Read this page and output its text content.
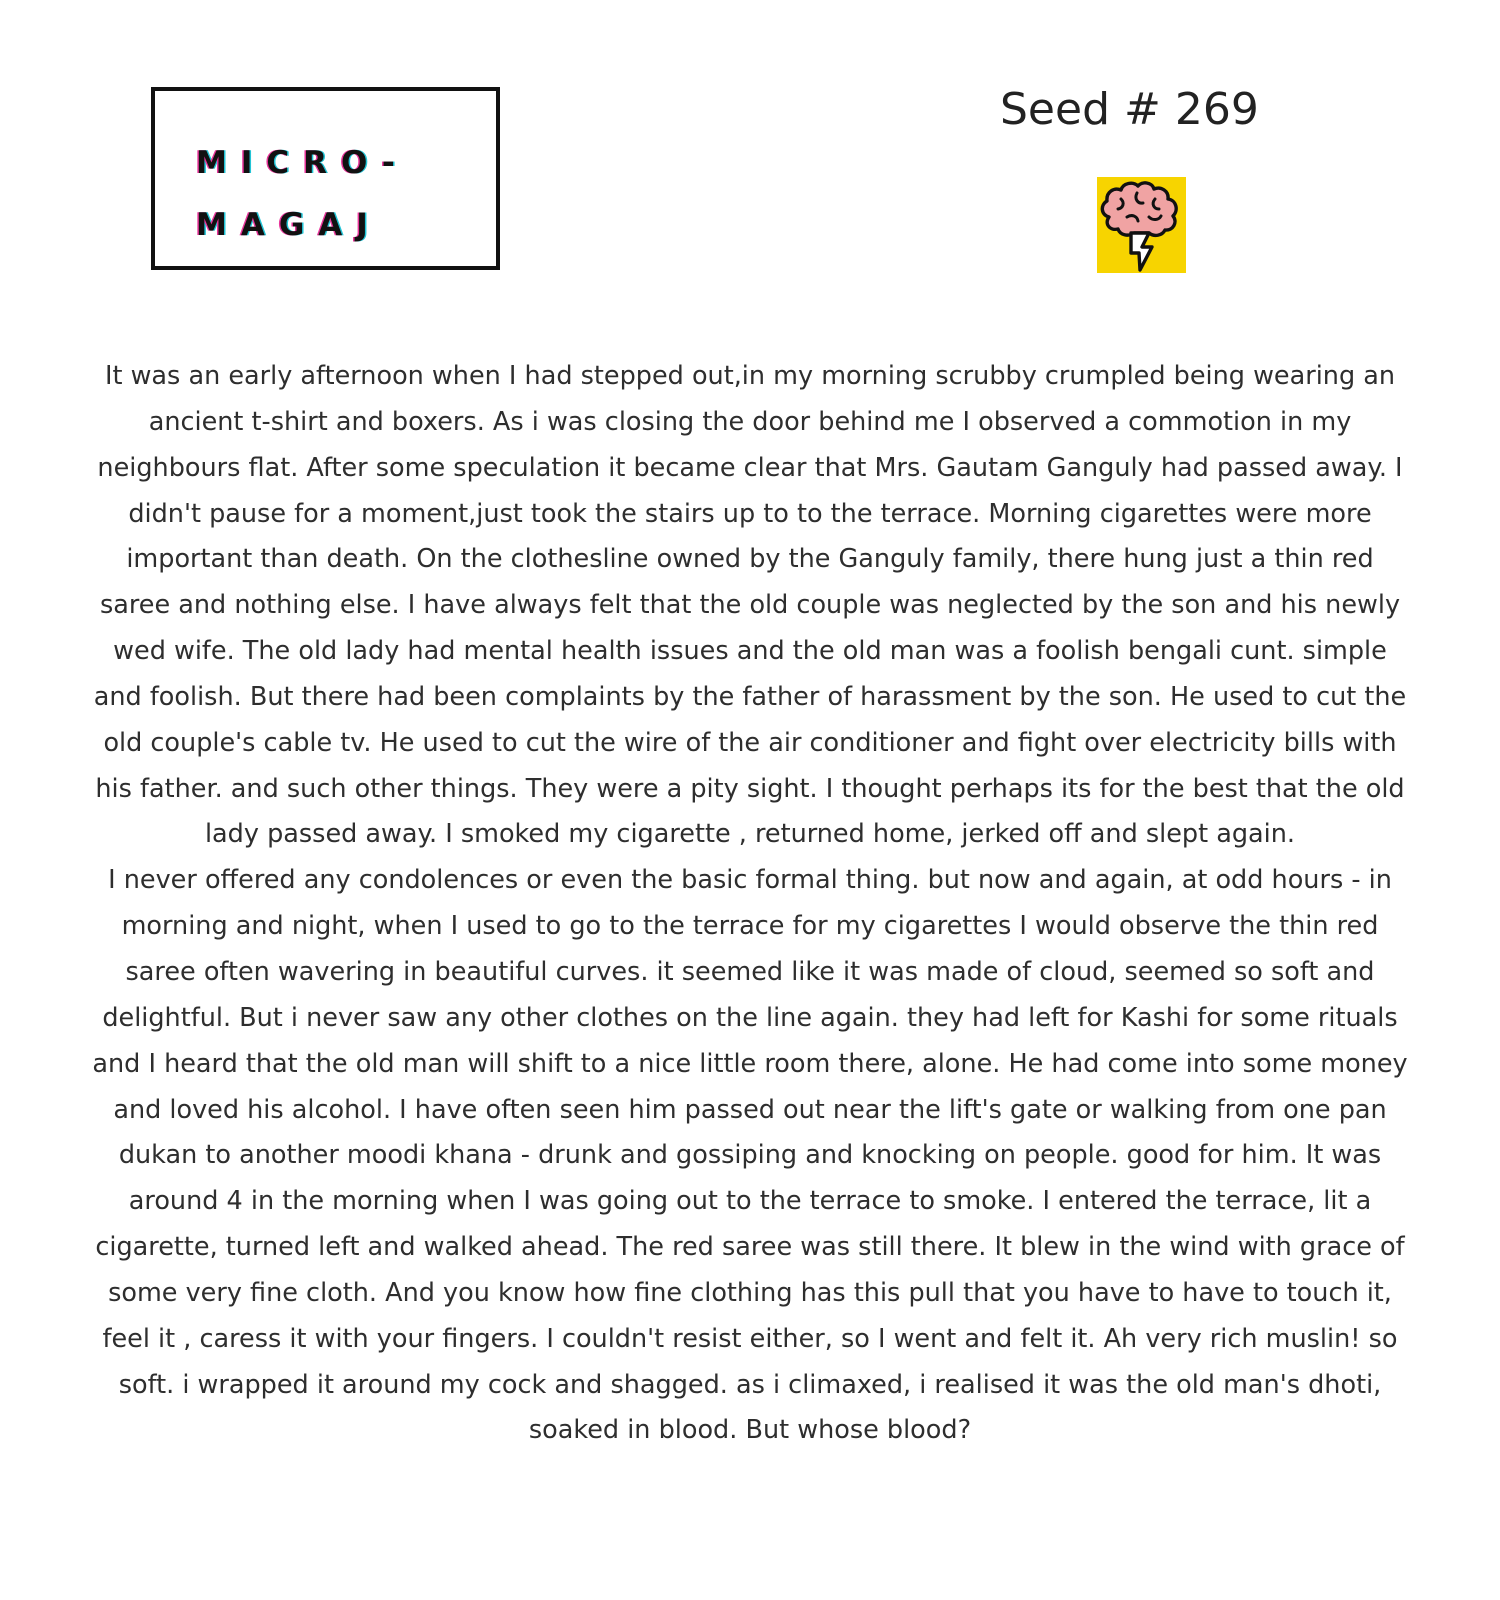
MICRO-
MAGAJ
Seed # 269

It was an early afternoon when I had stepped out,in my morning scrubby crumpled being wearing an ancient t-shirt and boxers. As i was closing the door behind me I observed a commotion in my neighbours flat. After some speculation it became clear that Mrs. Gautam Ganguly had passed away. I didn't pause for a moment,just took the stairs up to to the terrace. Morning cigarettes were more important than death. On the clothesline owned by the Ganguly family, there hung just a thin red saree and nothing else. I have always felt that the old couple was neglected by the son and his newly wed wife. The old lady had mental health issues and the old man was a foolish bengali cunt. simple and foolish. But there had been complaints by the father of harassment by the son. He used to cut the old couple's cable tv. He used to cut the wire of the air conditioner and fight over electricity bills with his father. and such other things. They were a pity sight. I thought perhaps its for the best that the old lady passed away. I smoked my cigarette , returned home, jerked off and slept again.

I never offered any condolences or even the basic formal thing. but now and again, at odd hours - in morning and night, when I used to go to the terrace for my cigarettes I would observe the thin red saree often wavering in beautiful curves. it seemed like it was made of cloud, seemed so soft and delightful. But i never saw any other clothes on the line again. they had left for Kashi for some rituals and I heard that the old man will shift to a nice little room there, alone. He had come into some money and loved his alcohol. I have often seen him passed out near the lift's gate or walking from one pan dukan to another moodi khana - drunk and gossiping and knocking on people. good for him. It was around 4 in the morning when I was going out to the terrace to smoke. I entered the terrace, lit a cigarette, turned left and walked ahead. The red saree was still there. It blew in the wind with grace of some very fine cloth. And you know how fine clothing has this pull that you have to have to touch it, feel it , caress it with your fingers. I couldn't resist either, so I went and felt it. Ah very rich muslin! so soft. i wrapped it around my cock and shagged. as i climaxed, i realised it was the old man's dhoti, soaked in blood. But whose blood?
